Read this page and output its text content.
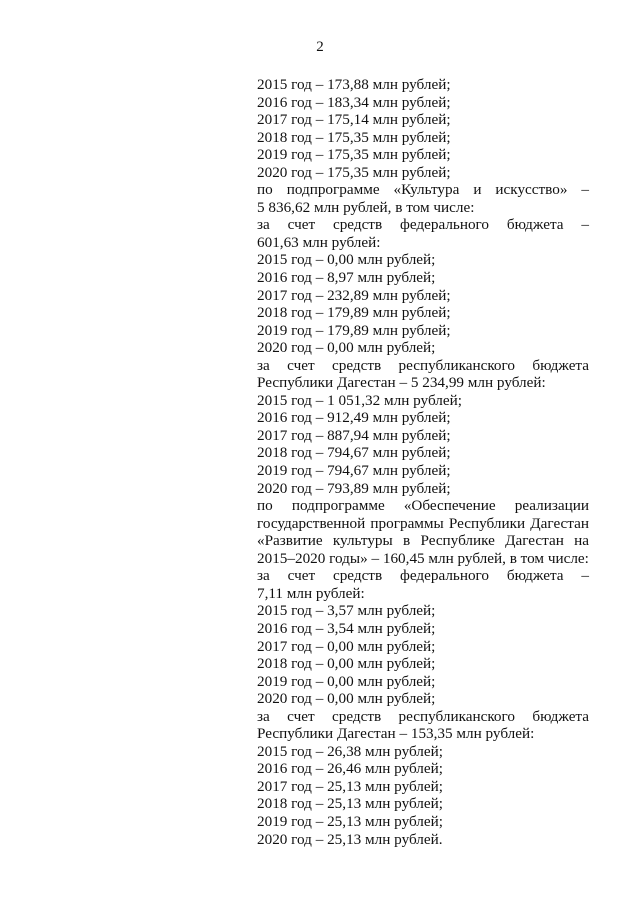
2
2015 год – 173,88 млн рублей;
2016 год – 183,34 млн рублей;
2017 год – 175,14 млн рублей;
2018 год – 175,35 млн рублей;
2019 год – 175,35 млн рублей;
2020 год – 175,35 млн рублей;
по подпрограмме «Культура и искусство» –
5 836,62 млн рублей, в том числе:
за счет средств федерального бюджета –
601,63 млн рублей:
2015 год – 0,00 млн рублей;
2016 год – 8,97 млн рублей;
2017 год – 232,89 млн рублей;
2018 год – 179,89 млн рублей;
2019 год – 179,89 млн рублей;
2020 год – 0,00 млн рублей;
за счет средств республиканского бюджета
Республики Дагестан – 5 234,99 млн рублей:
2015 год – 1 051,32 млн рублей;
2016 год – 912,49 млн рублей;
2017 год – 887,94 млн рублей;
2018 год – 794,67 млн рублей;
2019 год – 794,67 млн рублей;
2020 год – 793,89 млн рублей;
по подпрограмме «Обеспечение реализации
государственной программы Республики Дагестан
«Развитие культуры в Республике Дагестан на
2015–2020 годы» – 160,45 млн рублей, в том числе:
за счет средств федерального бюджета –
7,11 млн рублей:
2015 год – 3,57 млн рублей;
2016 год – 3,54 млн рублей;
2017 год – 0,00 млн рублей;
2018 год – 0,00 млн рублей;
2019 год – 0,00 млн рублей;
2020 год – 0,00 млн рублей;
за счет средств республиканского бюджета
Республики Дагестан – 153,35 млн рублей:
2015 год – 26,38 млн рублей;
2016 год – 26,46 млн рублей;
2017 год – 25,13 млн рублей;
2018 год – 25,13 млн рублей;
2019 год – 25,13 млн рублей;
2020 год – 25,13 млн рублей.
